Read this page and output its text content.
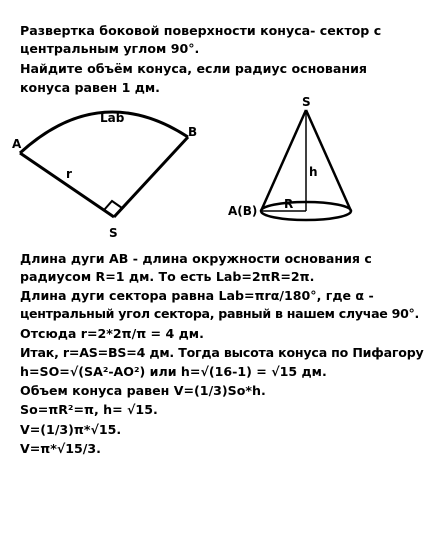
Развертка боковой поверхности конуса- сектор с
центральным углом 90°.
Найдите объём конуса, если радиус основания
конуса равен 1 дм.
A
B
Lab
r
S
S
h
R
A(B)
Длина дуги АВ - длина окружности основания с
радиусом R=1 дм. То есть Lab=2πR=2π.
Длина дуги сектора равна Lab=πrα/180°, где α -
центральный угол сектора, равный в нашем случае 90°.
Отсюда r=2*2π/π = 4 дм.
Итак, r=AS=BS=4 дм. Тогда высота конуса по Пифагору
h=SO=√(SA²-AO²) или h=√(16-1) = √15 дм.
Объем конуса равен V=(1/3)So*h.
So=πR²=π, h= √15.
V=(1/3)π*√15.
V=π*√15/3.
